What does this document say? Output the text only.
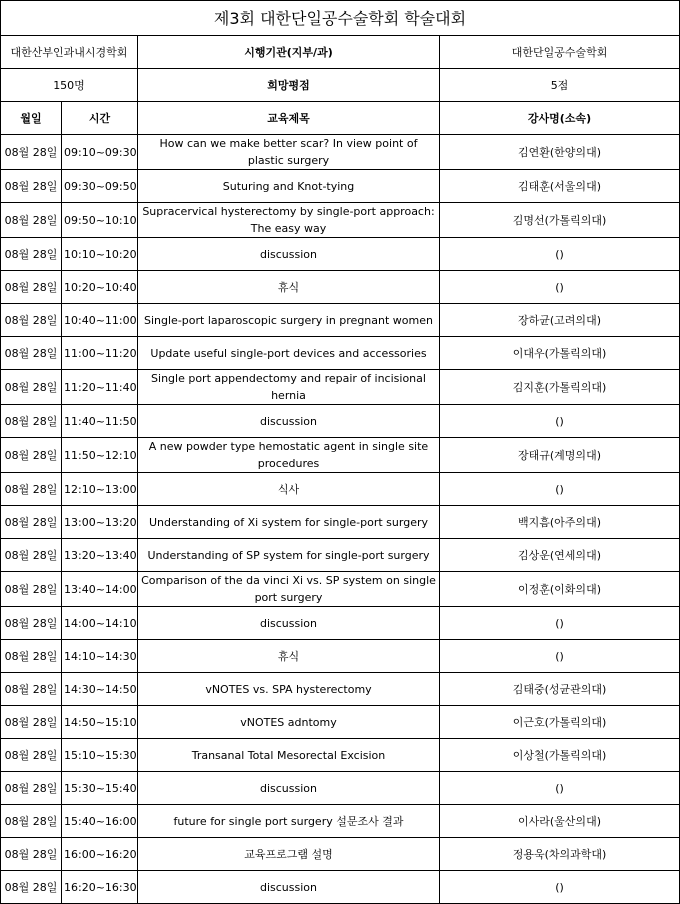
제3회 대한단일공수술학회 학술대회			
대한산부인과내시경학회		시행기관(지부/과)	대한단일공수술학회
150명		희망평점	5점
월일	시간	교육제목	강사명(소속)
08월 28일	09:10~09:30	How can we make better scar? In view point of plastic surgery	김연환(한양의대)
08월 28일	09:30~09:50	Suturing and Knot-tying	김태훈(서울의대)
08월 28일	09:50~10:10	Supracervical hysterectomy by single-port approach: The easy way	김명선(가톨릭의대)
08월 28일	10:10~10:20	discussion	()
08월 28일	10:20~10:40	휴식	()
08월 28일	10:40~11:00	Single-port laparoscopic surgery in pregnant women	장하균(고려의대)
08월 28일	11:00~11:20	Update useful single-port devices and accessories	이대우(가톨릭의대)
08월 28일	11:20~11:40	Single port appendectomy and repair of incisional hernia	김지훈(가톨릭의대)
08월 28일	11:40~11:50	discussion	()
08월 28일	11:50~12:10	A new powder type hemostatic agent in single site procedures	장태규(계명의대)
08월 28일	12:10~13:00	식사	()
08월 28일	13:00~13:20	Understanding of Xi system for single-port surgery	백지흠(아주의대)
08월 28일	13:20~13:40	Understanding of SP system for single-port surgery	김상운(연세의대)
08월 28일	13:40~14:00	Comparison of the da vinci Xi vs. SP system on single port surgery	이정훈(이화의대)
08월 28일	14:00~14:10	discussion	()
08월 28일	14:10~14:30	휴식	()
08월 28일	14:30~14:50	vNOTES vs. SPA hysterectomy	김태중(성균관의대)
08월 28일	14:50~15:10	vNOTES adntomy	이근호(가톨릭의대)
08월 28일	15:10~15:30	Transanal Total Mesorectal Excision	이상철(가톨릭의대)
08월 28일	15:30~15:40	discussion	()
08월 28일	15:40~16:00	future for single port surgery 설문조사 결과	이사라(울산의대)
08월 28일	16:00~16:20	교육프로그램 설명	정용욱(차의과학대)
08월 28일	16:20~16:30	discussion	()
